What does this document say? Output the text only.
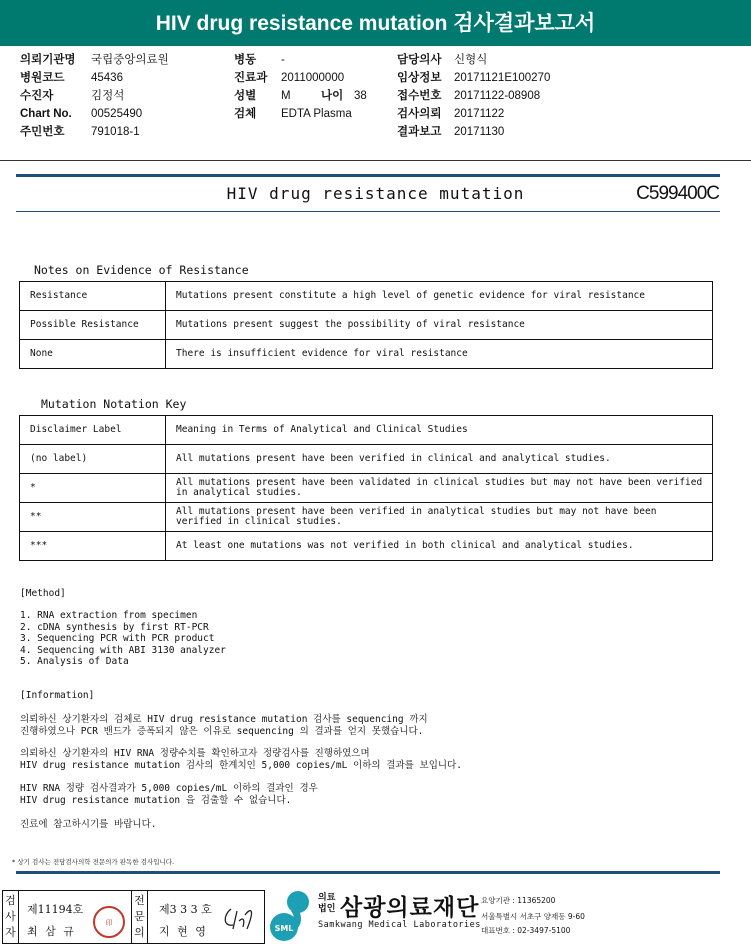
HIV drug resistance mutation 검사결과보고서
의뢰기관명 국립중앙의료원
병원코드 45436
수진자	김정석
Chart No. 00525490
주민번호 791018-1
병동 -
진료과 2011000000
성별 M	나이 38
검체 EDTA Plasma
담당의사 신형식
임상정보 20171121E100270
접수번호 20171122-08908
검사의뢰 20171122
결과보고 20171130
HIV drug resistance mutation	C599400C
Notes on Evidence of Resistance
Resistance	Mutations present constitute a high level of genetic evidence for viral resistance
Possible Resistance	Mutations present suggest the possibility of viral resistance
None	There is insufficient evidence for viral resistance
Mutation Notation Key
Disclaimer Label	Meaning in Terms of Analytical and Clinical Studies
(no label)	All mutations present have been verified in clinical and analytical studies.
*	All mutations present have been validated in clinical studies but may not have been verified in analytical studies.
**	All mutations present have been verified in analytical studies but may not have been verified in clinical studies.
***	At least one mutations was not verified in both clinical and analytical studies.
[Method]
1. RNA extraction from specimen
2. cDNA synthesis by first RT-PCR
3. Sequencing PCR with PCR product
4. Sequencing with ABI 3130 analyzer
5. Analysis of Data
[Information]
의뢰하신 상기환자의 검체로 HIV drug resistance mutation 검사를 sequencing 까지
진행하였으나 PCR 밴드가 증폭되지 않은 이유로 sequencing 의 결과를 얻지 못했습니다.
의뢰하신 상기환자의 HIV RNA 정량수치를 확인하고자 정량검사를 진행하였으며
HIV drug resistance mutation 검사의 한계치인 5,000 copies/mL 이하의 결과를 보입니다.
HIV RNA 정량 검사결과가 5,000 copies/mL 이하의 결과인 경우
HIV drug resistance mutation 을 검출할 수 없습니다.
진료에 참고하시기를 바랍니다.
* 상기 검사는 전담검사의학 전문의가 판독한 검사입니다.
검사자
제11194호
최 삼 규
印
전문의
제3 3 3 호
지 현 영	SML
의료
법인 삼광의료재단
Samkwang Medical Laboratories
요양기관 : 11365200
서울특별시 서초구 양재동 9-60
대표번호 : 02-3497-5100
